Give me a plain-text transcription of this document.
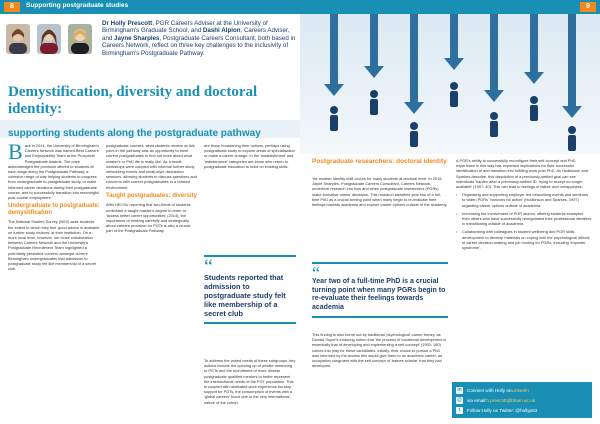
8	Supporting postgraduate studies
Dr Holly Prescott, PGR Careers Adviser at the University of Birmingham's Graduate School, and Dashi Alpion, Careers Adviser, and Jayne Sharples, Postgraduate Careers Consultant, both based in Careers Network, reflect on three key challenges to the inclusivity of Birmingham's Postgraduate Pathway.
Demystification, diversity and doctoral identity:
supporting students along the postgraduate pathway

Back in 2014, the University of Birmingham's Careers Network was named Best Careers and Employability Team at the Prospects Postgraduate Awards. The prize acknowledged the provision offered to students at each stage along the Postgraduate Pathway, a cohesive range of way helping students to progress from undergraduate to postgraduate study, to make informed career decisions during their postgraduate course, and to successfully transition into meaningful post-course employment.

Undergraduate to postgraduate: demystification

The National Student Survey (NSS) asks students the extent to which they feel 'good advice is available on further study choices' at their institution. On a more local level, however, our close collaboration between Careers Network and the University's Postgraduate Recruitment Team highlighted a potentially persistent concern amongst current Birmingham undergraduates that admission to postgraduate study felt like membership of a secret club.

postgraduate courses, what students receive at this point in the pathway was an opportunity to meet current postgraduates to find out more about what master's or PhD life is really like. As a result, workshops were coupled with informal further study networking events and small-style discussion sessions, allowing students to discuss questions and concerns with current postgraduates in a relaxed environment.

Taught postgraduates: diversity

With HECSU reporting that two-thirds of students undertake a taught master's degree in order to 'access better career opportunities' (2014), the importance of thinking carefully and strategically about careers provision for PGTs is also a crucial part of the Postgraduate Pathway.

are those broadening their options, perhaps using postgraduate study to explore areas of specialisation or make a career change. In the 'establishment' and 'maintenance' categories are those who return to postgraduate education to build on existing skills.

“
Students reported that admission to postgraduate study felt like membership of a secret club
To address the varied needs of these subgroups, key actions include the opening up of private mentoring to PGTs and the recruitment of more diverse postgraduate qualified mentors to better represent the intersectional needs of the PGT population. This is coupled with dedicated work experience bursary support for PGTs, the consumption of events with a 'global careers' focus due to the very international nature of the cohort.
9
Postgraduate researchers: doctoral identity
Yet another identity shift occurs for many students at doctoral level. In 2015, Jayne Sharples, Postgraduate Careers Consultant, Careers Network, undertook research into how and when postgraduate researchers (PGRs) make formative career decisions. This research identified year two of a full-time PhD as a crucial turning point when many begin to re-evaluate their feelings towards academia and explore career options outside of the academy.
“
Year two of a full-time PhD is a crucial turning point when many PGRs begin to re-evaluate their feelings towards academia
This finding is also borne out by traditional 'psychological' career theory, as Donald Super's enduring notion that 'the process of vocational development is essentially that of developing and implementing a self-concept' (1953: 190) comes into play for these candidates. Initially, their choice to pursue a PhD was informed by the access this would give them to an academic career, an occupation congruent with the self-concept of 'trainee scholar' that they had developed.

A PGR's ability to successfully reconfigure their self-concept and PhD experience in this way has important implications for their successful identification of and transition into fulfilling work post-PhD. As Hodkinson and Sparkes describe, this dissolution of a previously-settled goal can see individuals 'harden after a previously-settled ID, trying to accept no longer available' (1997: 40). This can lead to feelings of failure and unhappiness.

• Organising and supporting employer-led networking events and seminars to widen PGRs' 'horizons for action' (Hodkinson and Sparkes, 1997) regarding career options outside of academia.

• Increasing the involvement of PGR alumni, offering students examples from others who have successfully renegotiated their professional identities in transitioning outside of academia.

• Collaborating with colleagues in student wellbeing and PGR skills development to develop materials on coping with the psychological effects of career decision-making and job hunting for PGRs, including 'imposter syndrome'.

in Connect with Holly on LinkedIn
@ via email: h.prescott@bham.ac.uk
t	Follow Holly on Twitter: @hollyp63
